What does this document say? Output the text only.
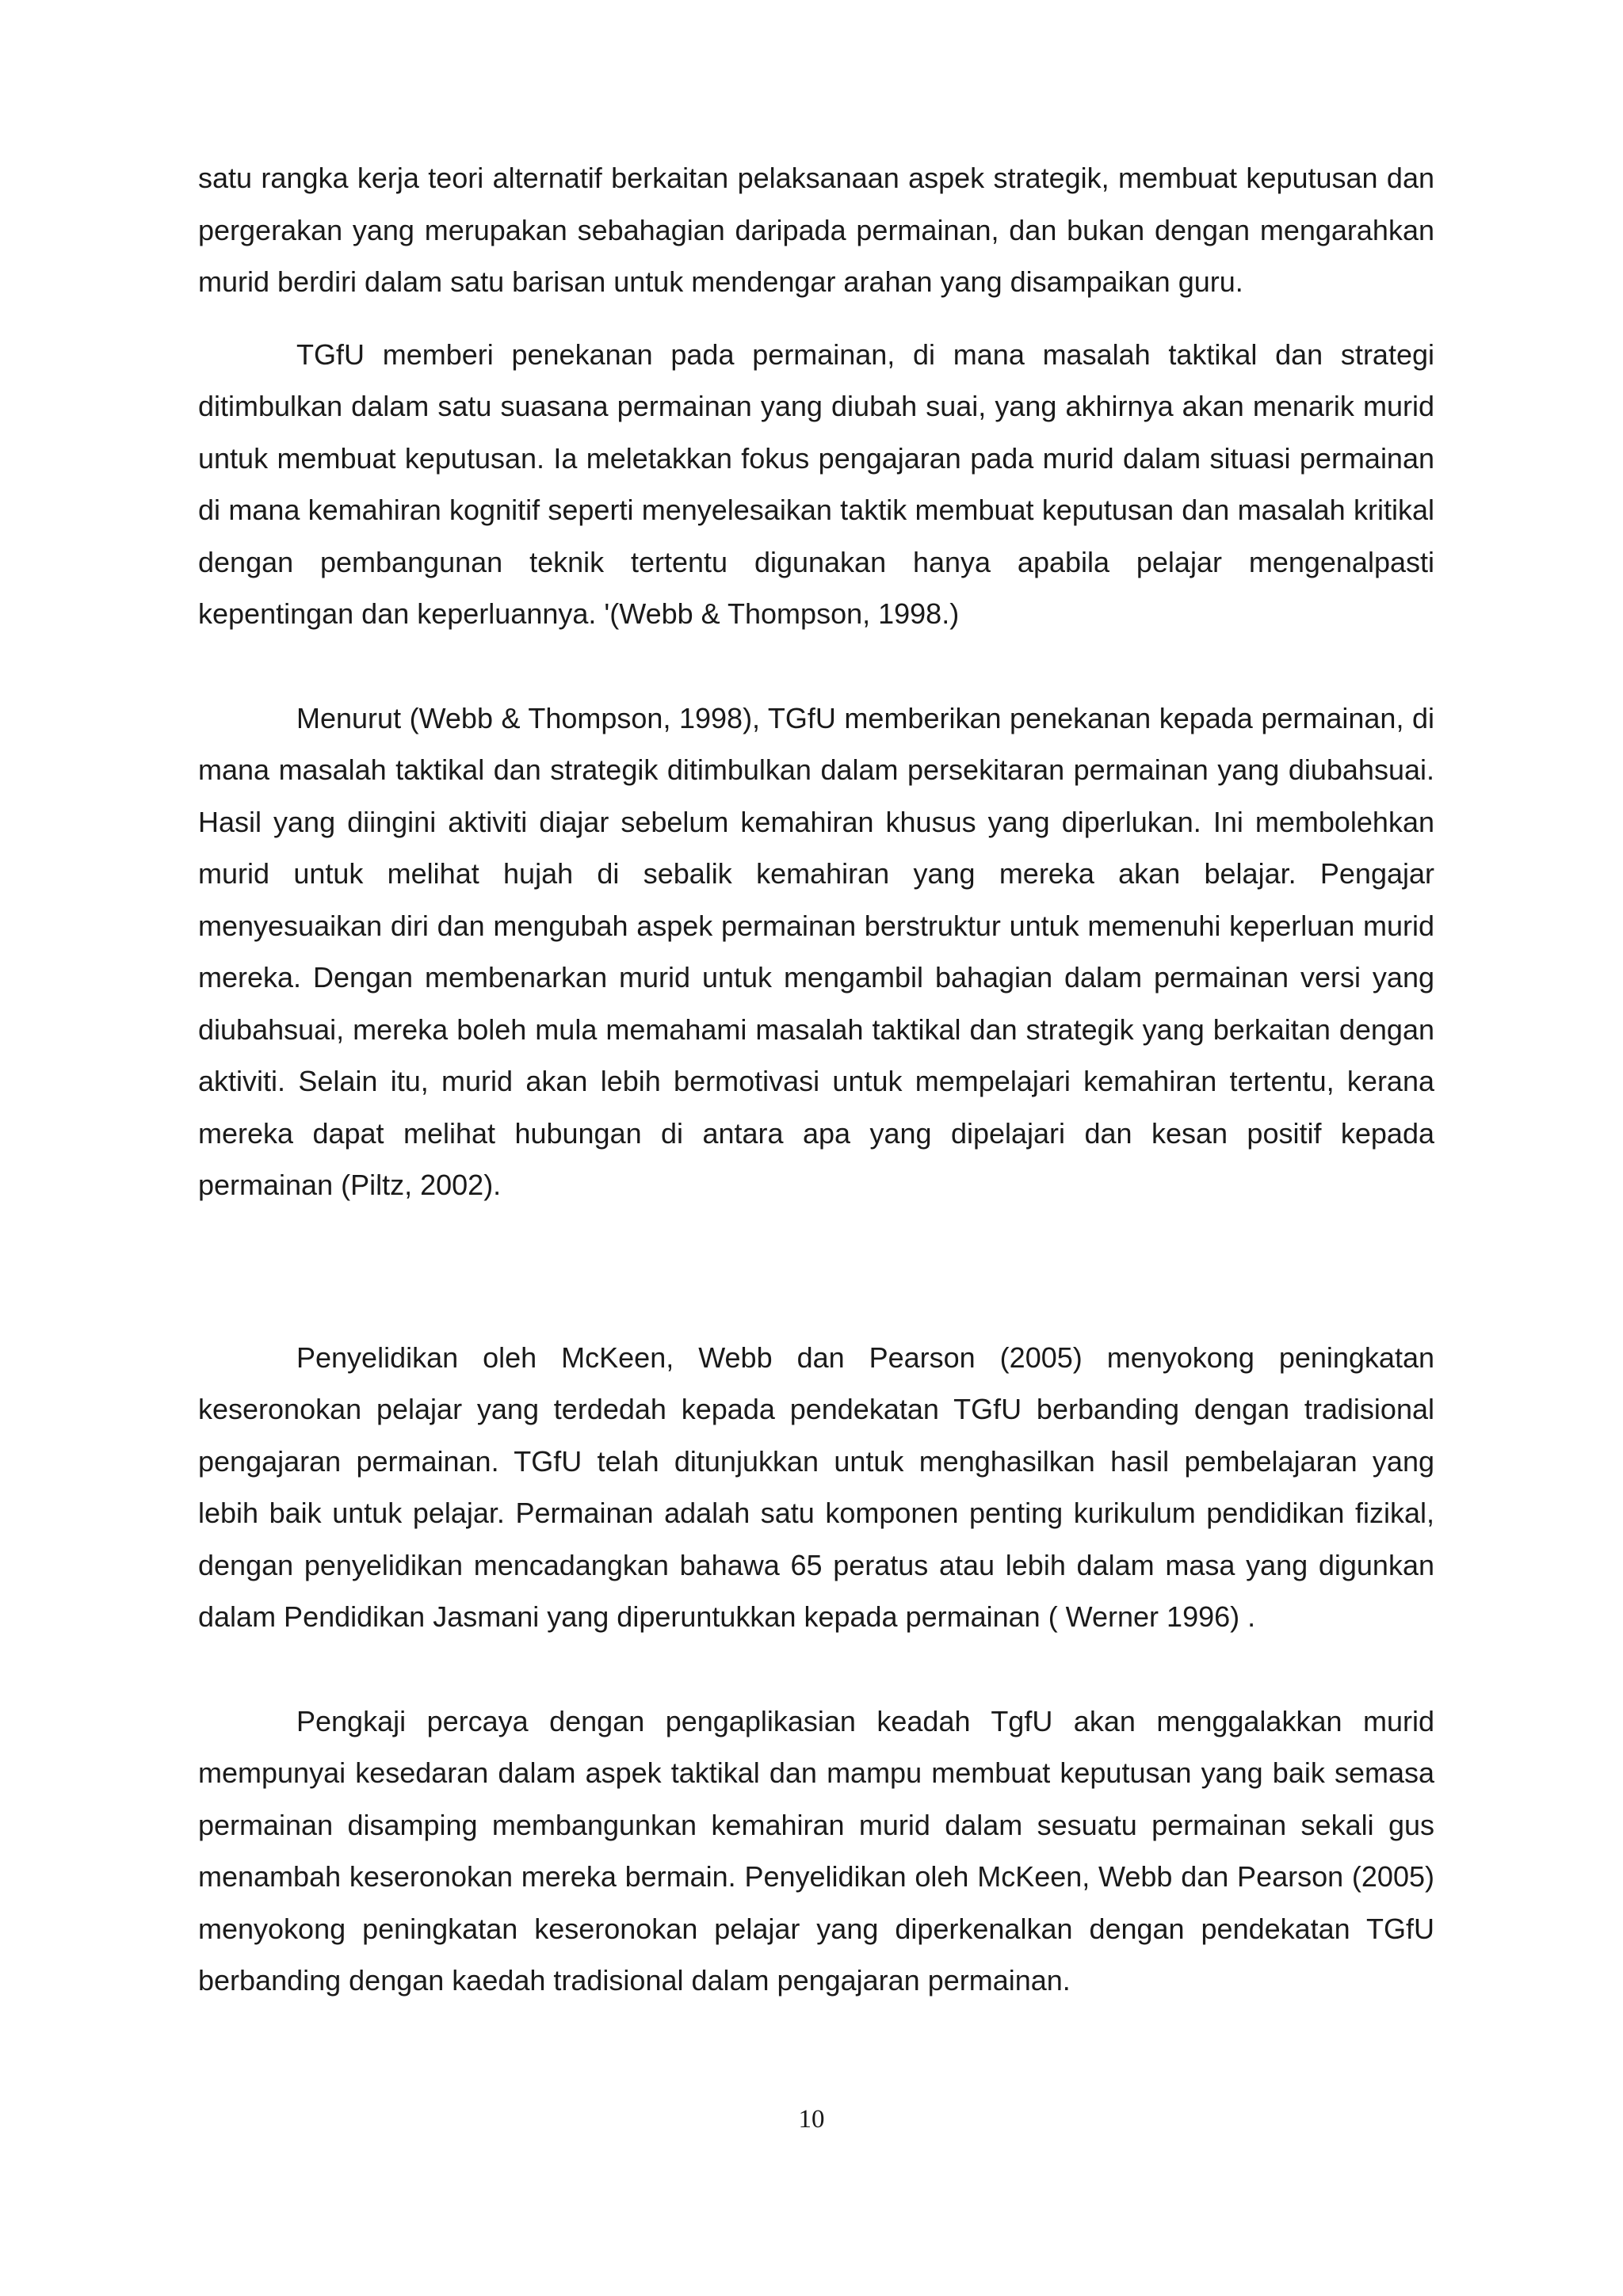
satu rangka kerja teori alternatif berkaitan pelaksanaan aspek strategik, membuat keputusan dan pergerakan yang merupakan sebahagian daripada permainan, dan bukan dengan mengarahkan murid berdiri dalam satu barisan untuk mendengar arahan yang disampaikan guru.

TGfU memberi penekanan pada permainan, di mana masalah taktikal dan strategi ditimbulkan dalam satu suasana permainan yang diubah suai, yang akhirnya akan menarik murid untuk membuat keputusan. Ia meletakkan fokus pengajaran pada murid dalam situasi permainan di mana kemahiran kognitif seperti menyelesaikan taktik membuat keputusan dan masalah kritikal dengan pembangunan teknik tertentu digunakan hanya apabila pelajar mengenalpasti kepentingan dan keperluannya. '(Webb & Thompson, 1998.)

Menurut (Webb & Thompson, 1998), TGfU memberikan penekanan kepada permainan, di mana masalah taktikal dan strategik ditimbulkan dalam persekitaran permainan yang diubahsuai. Hasil yang diingini aktiviti diajar sebelum kemahiran khusus yang diperlukan. Ini membolehkan murid untuk melihat hujah di sebalik kemahiran yang mereka akan belajar. Pengajar menyesuaikan diri dan mengubah aspek permainan berstruktur untuk memenuhi keperluan murid mereka. Dengan membenarkan murid untuk mengambil bahagian dalam permainan versi yang diubahsuai, mereka boleh mula memahami masalah taktikal dan strategik yang berkaitan dengan aktiviti. Selain itu, murid akan lebih bermotivasi untuk mempelajari kemahiran tertentu, kerana mereka dapat melihat hubungan di antara apa yang dipelajari dan kesan positif kepada permainan (Piltz, 2002).

Penyelidikan oleh McKeen, Webb dan Pearson (2005) menyokong peningkatan keseronokan pelajar yang terdedah kepada pendekatan TGfU berbanding dengan tradisional pengajaran permainan. TGfU telah ditunjukkan untuk menghasilkan hasil pembelajaran yang lebih baik untuk pelajar. Permainan adalah satu komponen penting kurikulum pendidikan fizikal, dengan penyelidikan mencadangkan bahawa 65 peratus atau lebih dalam masa yang digunkan dalam Pendidikan Jasmani yang diperuntukkan kepada permainan ( Werner 1996) .

Pengkaji percaya dengan pengaplikasian keadah TgfU akan menggalakkan murid mempunyai kesedaran dalam aspek taktikal dan mampu membuat keputusan yang baik semasa permainan disamping membangunkan kemahiran murid dalam sesuatu permainan sekali gus menambah keseronokan mereka bermain. Penyelidikan oleh McKeen, Webb dan Pearson (2005) menyokong peningkatan keseronokan pelajar yang diperkenalkan dengan pendekatan TGfU berbanding dengan kaedah tradisional dalam pengajaran permainan.

10
